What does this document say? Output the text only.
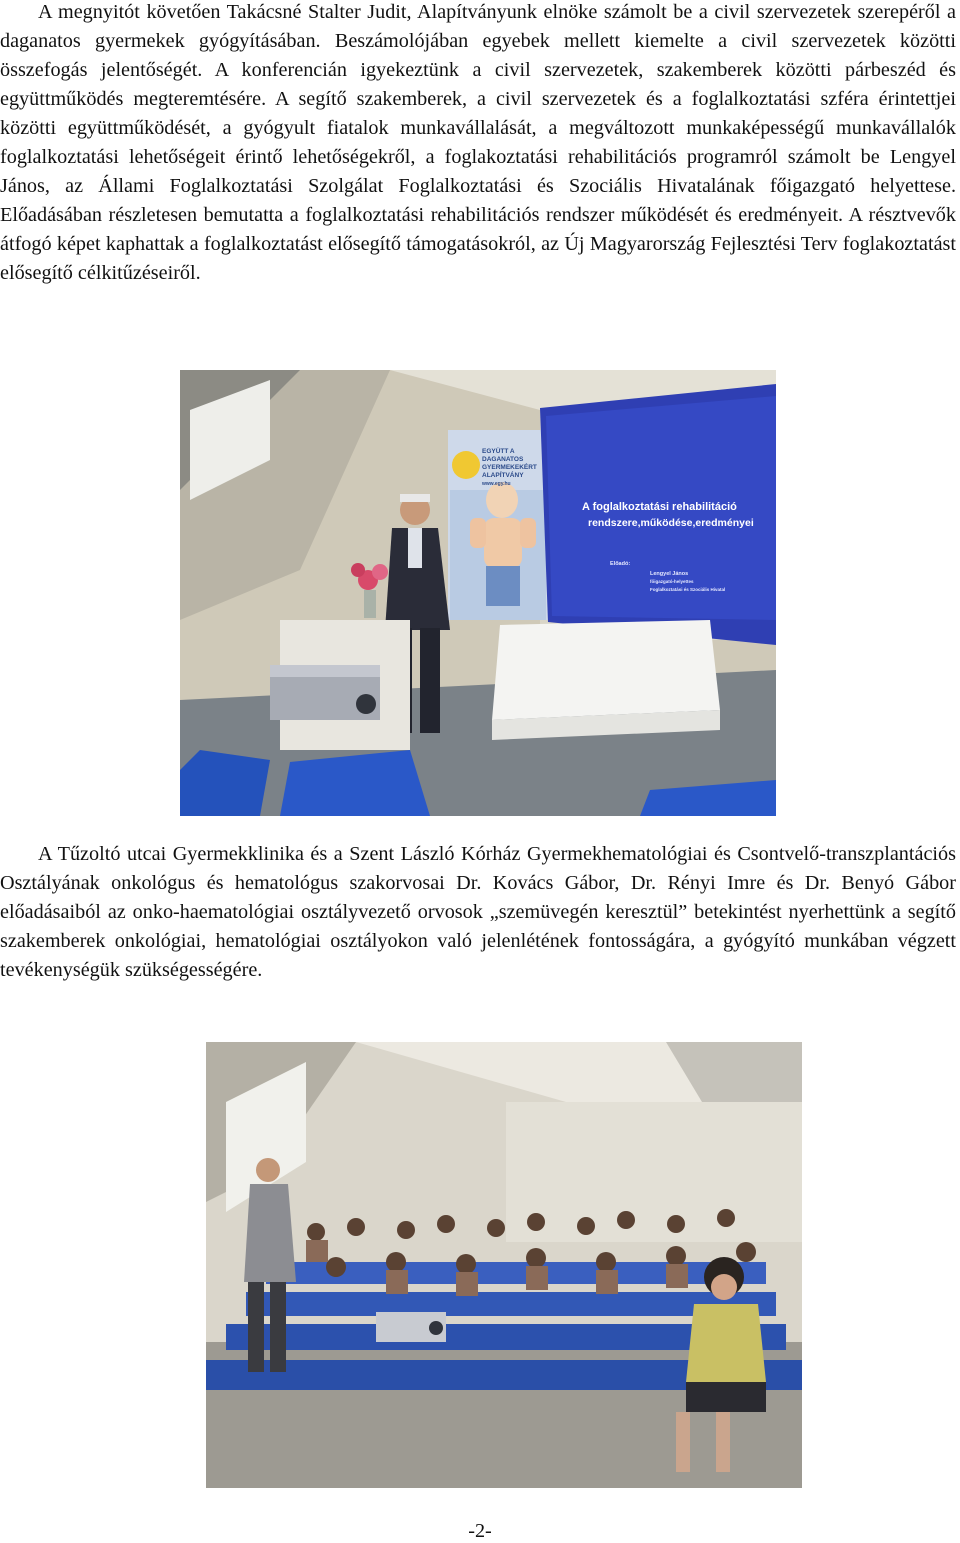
A megnyitót követően Takácsné Stalter Judit, Alapítványunk elnöke számolt be a civil szervezetek szerepéről a daganatos gyermekek gyógyításában. Beszámolójában egyebek mellett kiemelte a civil szervezetek közötti összefogás jelentőségét. A konferencián igyekeztünk a civil szervezetek, szakemberek közötti párbeszéd és együttműködés megteremtésére. A segítő szakemberek, a civil szervezetek és a foglalkoztatási szféra érintettjei közötti együttműködését, a gyógyult fiatalok munkavállalását, a megváltozott munkaképességű munkavállalók foglalkoztatási lehetőségeit érintő lehetőségekről, a foglakoztatási rehabilitációs programról számolt be Lengyel János, az Állami Foglalkoztatási Szolgálat Foglalkoztatási és Szociális Hivatalának főigazgató helyettese. Előadásában részletesen bemutatta a foglalkoztatási rehabilitációs rendszer működését és eredményeit. A résztvevők átfogó képet kaphattak a foglalkoztatást elősegítő támogatásokról, az Új Magyarország Fejlesztési Terv foglakoztatást elősegítő célkitűzéseiről.

EGYÜTT A
DAGANATOS
GYERMEKEKÉRT
ALAPÍTVÁNY
www.egy.hu
A foglalkoztatási rehabilitáció
rendszere,működése,eredményei
Előadó:
Lengyel János
főigazgató-helyettes
Foglalkoztatási és Szociális Hivatal

A Tűzoltó utcai Gyermekklinika és a Szent László Kórház Gyermekhematológiai és Csontvelő-transzplantációs Osztályának onkológus és hematológus szakorvosai Dr. Kovács Gábor, Dr. Rényi Imre és Dr. Benyó Gábor előadásaiból az onko-haematológiai osztályvezető orvosok „szemüvegén keresztül” betekintést nyerhettünk a segítő szakemberek onkológiai, hematológiai osztályokon való jelenlétének fontosságára, a gyógyító munkában végzett tevékenységük szükségességére.

-2-
